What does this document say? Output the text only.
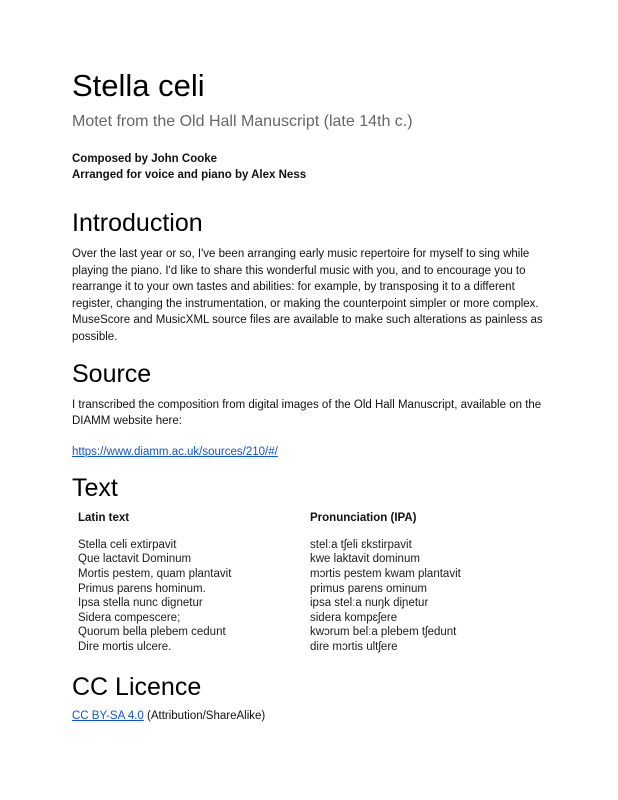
Stella celi
Motet from the Old Hall Manuscript (late 14th c.)
Composed by John Cooke
Arranged for voice and piano by Alex Ness
Introduction

Over the last year or so, I've been arranging early music repertoire for myself to sing while playing the piano. I'd like to share this wonderful music with you, and to encourage you to rearrange it to your own tastes and abilities: for example, by transposing it to a different register, changing the instrumentation, or making the counterpoint simpler or more complex. MuseScore and MusicXML source files are available to make such alterations as painless as possible.

Source

I transcribed the composition from digital images of the Old Hall Manuscript, available on the DIAMM website here:

https://www.diamm.ac.uk/sources/210/#/

Text
Latin text	Pronunciation (IPA)
Stella celi extirpavit	stelːa tʃeli ɛkstirpavit
Que lactavit Dominum	kwe laktavit dominum
Mortis pestem, quam plantavit	mɔrtis pestem kwam plantavit
Primus parens hominum.	primus parens ominum
Ipsa stella nunc dignetur	ipsa stelːa nuŋk diɲetur
Sidera compescere;	sidera kompɛʃere
Quorum bella plebem cedunt	kwɔrum belːa plebem tʃedunt
Dire mortis ulcere.	dire mɔrtis ultʃere
CC Licence

CC BY-SA 4.0 (Attribution/ShareAlike)
